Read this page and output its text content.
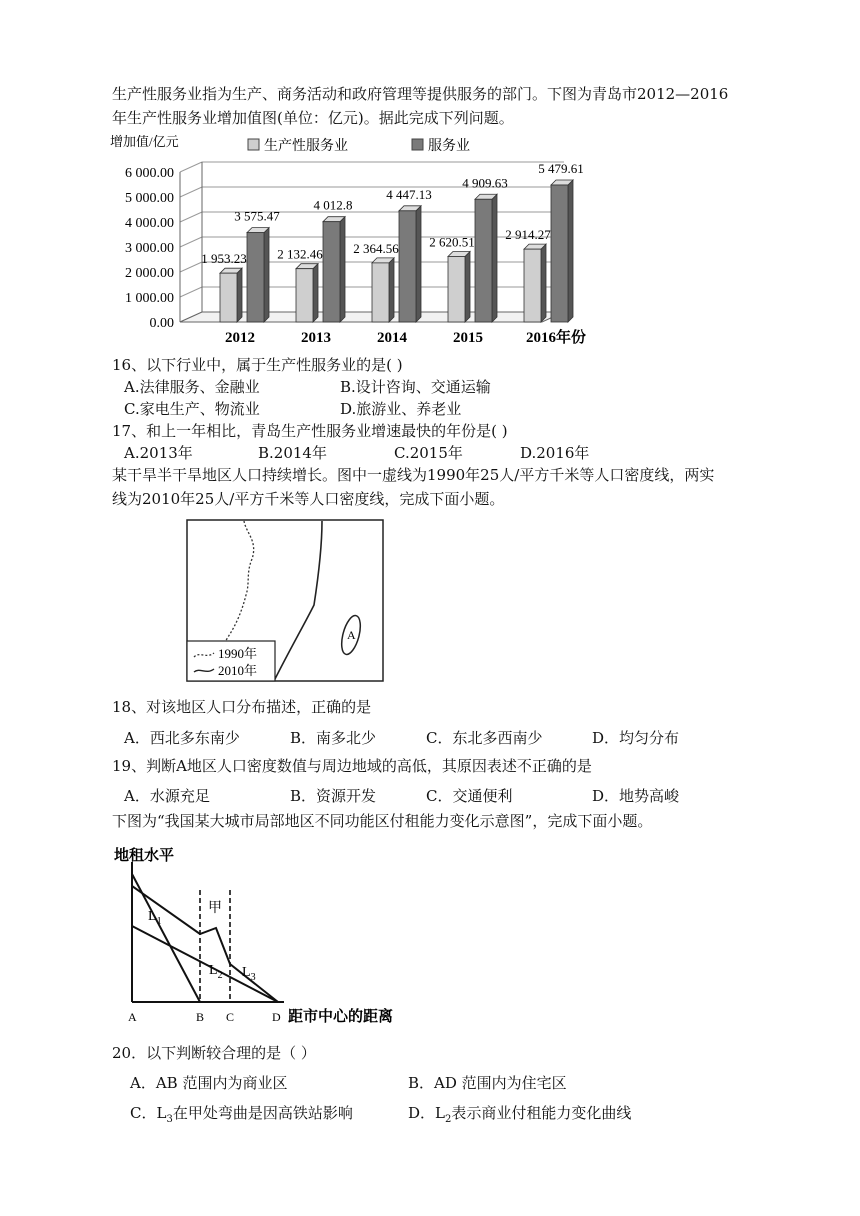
生产性服务业指为生产、商务活动和政府管理等提供服务的部门。下图为青岛市2012—2016
年生产性服务业增加值图(单位：亿元)。据此完成下列问题。
增加值/亿元
0.00
1 000.00
2 000.00
3 000.00
4 000.00
5 000.00
6 000.00
生产性服务业	服务业
1 953.23
3 575.47
2012
2 132.46
4 012.8
2013
2 364.56
4 447.13
2014
2 620.51
4 909.63
2015
2 914.27
5 479.61
2016年份
16、以下行业中，属于生产性服务业的是( )
A.法律服务、金融业	B.设计咨询、交通运输
C.家电生产、物流业	D.旅游业、养老业
17、和上一年相比，青岛生产性服务业增速最快的年份是( )
A.2013年	B.2014年	C.2015年	D.2016年
某干旱半干旱地区人口持续增长。图中一虚线为1990年25人/平方千米等人口密度线，两实
线为2010年25人/平方千米等人口密度线，完成下面小题。
A
1990年
2010年
18、对该地区人口分布描述，正确的是
A．西北多东南少	B．南多北少	C．东北多西南少	D．均匀分布
19、判断A地区人口密度数值与周边地域的高低，其原因表述不正确的是
A．水源充足	B．资源开发	C．交通便利	D．地势高峻
下图为“我国某大城市局部地区不同功能区付租能力变化示意图”，完成下面小题。
地租水平
距市中心的距离
甲
$L_1$
$L_2$ $L_3$
A	B C	D
20．以下判断较合理的是（ ）
A．AB 范围内为商业区	B．AD 范围内为住宅区
C．$L_3$在甲处弯曲是因高铁站影响	D．$L_2$表示商业付租能力变化曲线
